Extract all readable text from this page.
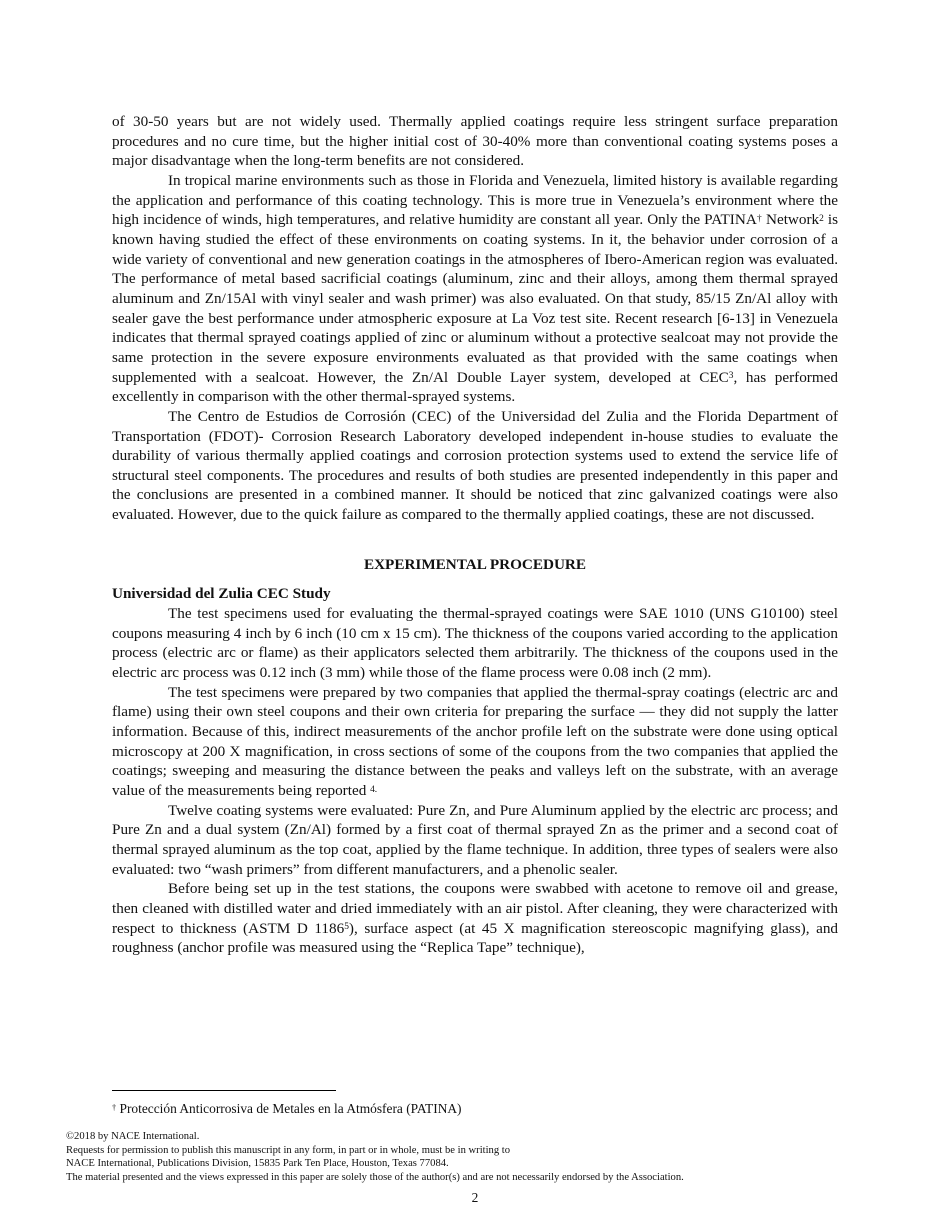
of 30-50 years but are not widely used. Thermally applied coatings require less stringent surface preparation procedures and no cure time, but the higher initial cost of 30-40% more than conventional coating systems poses a major disadvantage when the long-term benefits are not considered.

In tropical marine environments such as those in Florida and Venezuela, limited history is available regarding the application and performance of this coating technology. This is more true in Venezuela’s environment where the high incidence of winds, high temperatures, and relative humidity are constant all year. Only the PATINA† Network$^2$ is known having studied the effect of these environments on coating systems. In it, the behavior under corrosion of a wide variety of conventional and new generation coatings in the atmospheres of Ibero-American region was evaluated. The performance of metal based sacrificial coatings (aluminum, zinc and their alloys, among them thermal sprayed aluminum and Zn/15Al with vinyl sealer and wash primer) was also evaluated. On that study, 85/15 Zn/Al alloy with sealer gave the best performance under atmospheric exposure at La Voz test site. Recent research [6-13] in Venezuela indicates that thermal sprayed coatings applied of zinc or aluminum without a protective sealcoat may not provide the same protection in the severe exposure environments evaluated as that provided with the same coatings when supplemented with a sealcoat. However, the Zn/Al Double Layer system, developed at CEC$^3$, has performed excellently in comparison with the other thermal-sprayed systems.

The Centro de Estudios de Corrosión (CEC) of the Universidad del Zulia and the Florida Department of Transportation (FDOT)- Corrosion Research Laboratory developed independent in-house studies to evaluate the durability of various thermally applied coatings and corrosion protection systems used to extend the service life of structural steel components. The procedures and results of both studies are presented independently in this paper and the conclusions are presented in a combined manner. It should be noticed that zinc galvanized coatings were also evaluated. However, due to the quick failure as compared to the thermally applied coatings, these are not discussed.

EXPERIMENTAL PROCEDURE
Universidad del Zulia CEC Study

The test specimens used for evaluating the thermal-sprayed coatings were SAE 1010 (UNS G10100) steel coupons measuring 4 inch by 6 inch (10 cm x 15 cm). The thickness of the coupons varied according to the application process (electric arc or flame) as their applicators selected them arbitrarily. The thickness of the coupons used in the electric arc process was 0.12 inch (3 mm) while those of the flame process were 0.08 inch (2 mm).

The test specimens were prepared by two companies that applied the thermal-spray coatings (electric arc and flame) using their own steel coupons and their own criteria for preparing the surface — they did not supply the latter information. Because of this, indirect measurements of the anchor profile left on the substrate were done using optical microscopy at 200 X magnification, in cross sections of some of the coupons from the two companies that applied the coatings; sweeping and measuring the distance between the peaks and valleys left on the substrate, with an average value of the measurements being reported $^{4.}$

Twelve coating systems were evaluated: Pure Zn, and Pure Aluminum applied by the electric arc process; and Pure Zn and a dual system (Zn/Al) formed by a first coat of thermal sprayed Zn as the primer and a second coat of thermal sprayed aluminum as the top coat, applied by the flame technique. In addition, three types of sealers were also evaluated: two “wash primers” from different manufacturers, and a phenolic sealer.

Before being set up in the test stations, the coupons were swabbed with acetone to remove oil and grease, then cleaned with distilled water and dried immediately with an air pistol. After cleaning, they were characterized with respect to thickness (ASTM D 1186$^5$), surface aspect (at 45 X magnification stereoscopic magnifying glass), and roughness (anchor profile was measured using the “Replica Tape” technique),

† Protección Anticorrosiva de Metales en la Atmósfera (PATINA)
©2018 by NACE International.
Requests for permission to publish this manuscript in any form, in part or in whole, must be in writing to
NACE International, Publications Division, 15835 Park Ten Place, Houston, Texas 77084.
The material presented and the views expressed in this paper are solely those of the author(s) and are not necessarily endorsed by the Association.
2
